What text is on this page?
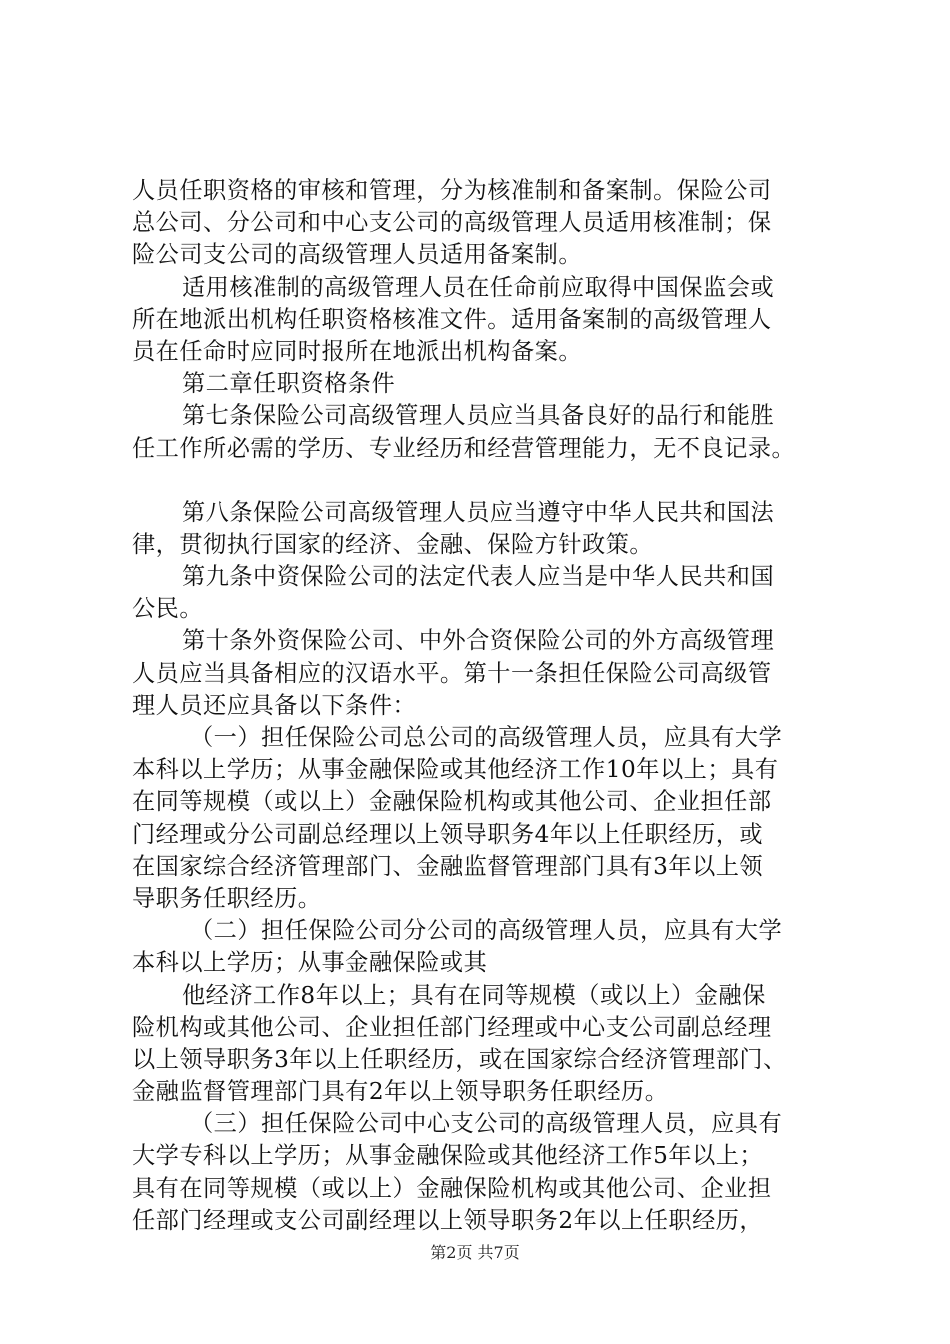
人员任职资格的审核和管理，分为核准制和备案制。保险公司
总公司、分公司和中心支公司的高级管理人员适用核准制；保
险公司支公司的高级管理人员适用备案制。
适用核准制的高级管理人员在任命前应取得中国保监会或
所在地派出机构任职资格核准文件。适用备案制的高级管理人
员在任命时应同时报所在地派出机构备案。
第二章任职资格条件
第七条保险公司高级管理人员应当具备良好的品行和能胜
任工作所必需的学历、专业经历和经营管理能力，无不良记录。
第八条保险公司高级管理人员应当遵守中华人民共和国法
律，贯彻执行国家的经济、金融、保险方针政策。
第九条中资保险公司的法定代表人应当是中华人民共和国
公民。
第十条外资保险公司、中外合资保险公司的外方高级管理
人员应当具备相应的汉语水平。第十一条担任保险公司高级管
理人员还应具备以下条件：
（一）担任保险公司总公司的高级管理人员，应具有大学
本科以上学历；从事金融保险或其他经济工作10年以上；具有
在同等规模（或以上）金融保险机构或其他公司、企业担任部
门经理或分公司副总经理以上领导职务4年以上任职经历，或
在国家综合经济管理部门、金融监督管理部门具有3年以上领
导职务任职经历。
（二）担任保险公司分公司的高级管理人员，应具有大学
本科以上学历；从事金融保险或其
他经济工作8年以上；具有在同等规模（或以上）金融保
险机构或其他公司、企业担任部门经理或中心支公司副总经理
以上领导职务3年以上任职经历，或在国家综合经济管理部门、
金融监督管理部门具有2年以上领导职务任职经历。
（三）担任保险公司中心支公司的高级管理人员，应具有
大学专科以上学历；从事金融保险或其他经济工作5年以上；
具有在同等规模（或以上）金融保险机构或其他公司、企业担
任部门经理或支公司副经理以上领导职务2年以上任职经历，
第2页 共7页
